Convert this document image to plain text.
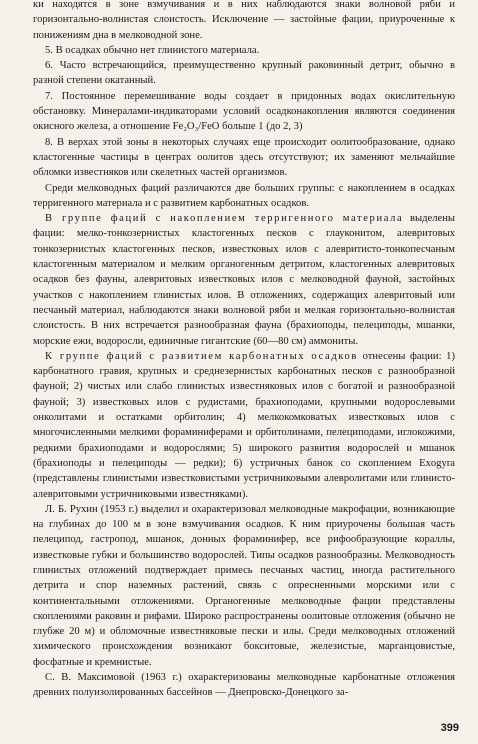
ки находятся в зоне взмучивания и в них наблюдаются знаки волновой ряби и горизонтально-волнистая слоистость. Исключение — застойные фации, приуроченные к понижениям дна в мелководной зоне.

5. В осадках обычно нет глинистого материала.

6. Часто встречающийся, преимущественно крупный раковинный детрит, обычно в разной степени окатанный.

7. Постоянное перемешивание воды создает в придонных водах окислительную обстановку. Минералами-индикаторами условий осадконакопления являются соединения окисного железа, а отношение Fe₂O₃/FeO больше 1 (до 2, 3)

8. В верхах этой зоны в некоторых случаях еще происходит оолитообразование, однако кластогенные частицы в центрах оолитов здесь отсутствуют; их заменяют мельчайшие обломки известняков или скелетных частей организмов.

Среди мелководных фаций различаются две больших группы: с накоплением в осадках терригенного материала и с развитием карбонатных осадков.

В группе фаций с накоплением терригенного материала выделены фации: мелко-тонкозернистых кластогенных песков с глауконитом, алевритовых тонкозернистых кластогенных песков, известковых илов с алевритисто-тонкопесчаным кластогенным материалом и мелким органогенным детритом, кластогенных алевритовых осадков без фауны, алевритовых известковых илов с мелководной фауной, застойных участков с накоплением глинистых илов. В отложениях, содержащих алевритовый или песчаный материал, наблюдаются знаки волновой ряби и мелкая горизонтально-волнистая слоистость. В них встречается разнообразная фауна (брахиоподы, пелециподы, мшанки, морские ежи, водоросли, единичные гигантские (60—80 см) аммониты.

К группе фаций с развитием карбонатных осадков отнесены фации: 1) карбонатного гравия, крупных и среднезернистых карбонатных песков с разнообразной фауной; 2) чистых или слабо глинистых известняковых илов с богатой и разнообразной фауной; 3) известковых илов с рудистами, брахиоподами, крупными водорослевыми онколитами и остатками орбитолин; 4) мелкокомковатых известковых илов с многочисленными мелкими фораминиферами и орбитолинами, пелециподами, иглокожими, редкими брахиоподами и водорослями; 5) широкого развития водорослей и мшанок (брахиоподы и пелециподы — редки); 6) устричных банок со скоплением Exogyra (представлены глинистыми известковистыми устричниковыми алевролитами или глинисто-алевритовыми устричниковыми известняками).

Л. Б. Рухин (1953 г.) выделил и охарактеризовал мелководные макрофации, возникающие на глубинах до 100 м в зоне взмучивания осадков. К ним приурочены большая часть пелеципод, гастропод, мшанок, донных фораминифер, все рифообразующие кораллы, известковые губки и большинство водорослей. Типы осадков разнообразны. Мелководность глинистых отложений подтверждает примесь песчаных частиц, иногда растительного детрита и спор наземных растений, связь с опресненными морскими или с континентальными отложениями. Органогенные мелководные фации представлены скоплениями раковин и рифами. Широко распространены оолитовые отложения (обычно не глубже 20 м) и обломочные известняковые пески и илы. Среди мелководных отложений химического происхождения возникают бокситовые, железистые, марганцовистые, фосфатные и кремнистые.

С. В. Максимовой (1963 г.) охарактеризованы мелководные карбонатные отложения древних полуизолированных бассейнов — Днепровско-Донецкого за-

399
